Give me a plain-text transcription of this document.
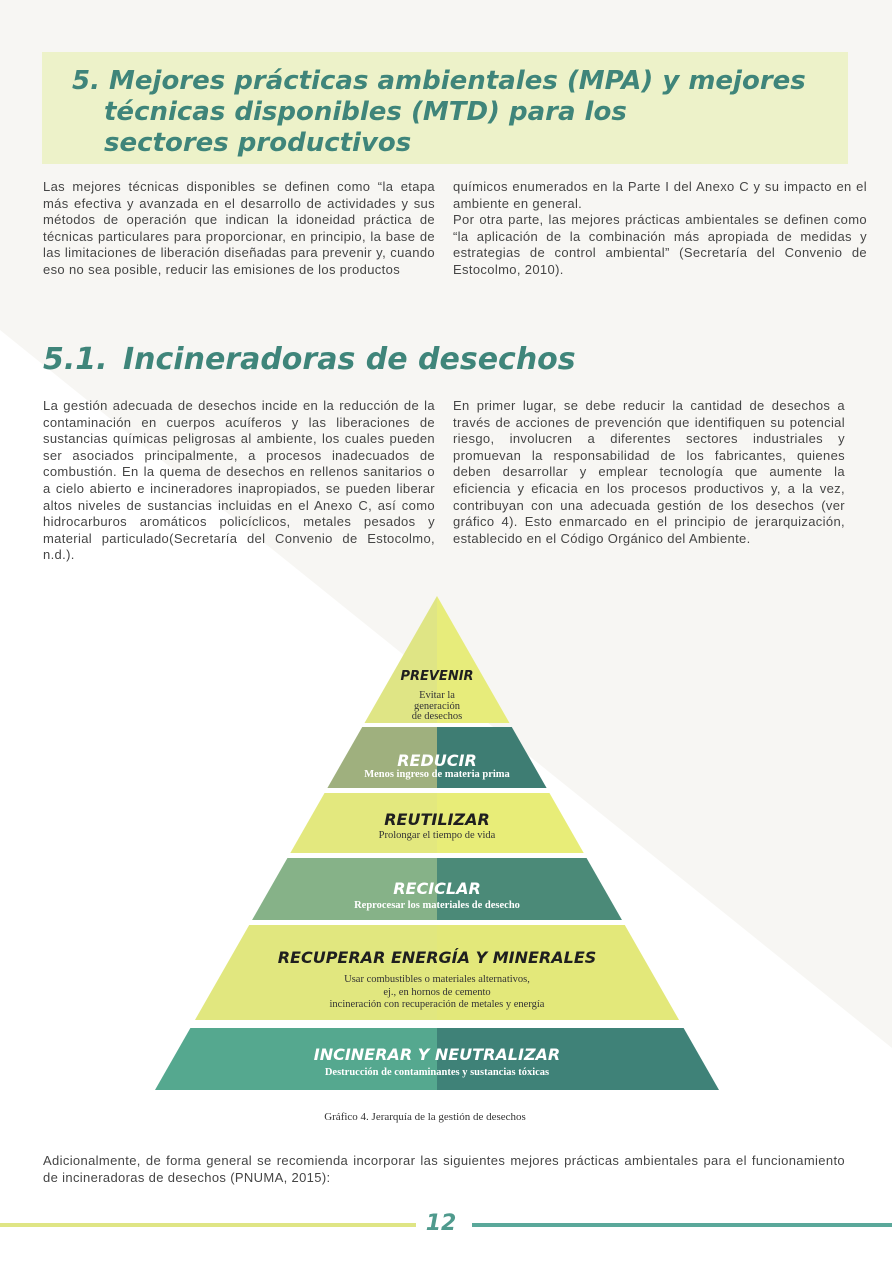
5. Mejores prácticas ambientales (MPA) y mejores
técnicas disponibles (MTD) para los
sectores productivos

Las mejores técnicas disponibles se definen como “la etapa más efectiva y avanzada en el desarrollo de actividades y sus métodos de operación que indican la idoneidad práctica de técnicas particulares para proporcionar, en principio, la base de las limitaciones de liberación diseñadas para prevenir y, cuando eso no sea posible, reducir las emisiones de los productos

químicos enumerados en la Parte I del Anexo C y su impacto en el ambiente en general.

Por otra parte, las mejores prácticas ambientales se definen como “la aplicación de la combinación más apropiada de medidas y estrategias de control ambiental” (Secretaría del Convenio de Estocolmo, 2010).

5.1. Incineradoras de desechos

La gestión adecuada de desechos incide en la reducción de la contaminación en cuerpos acuíferos y las liberaciones de sustancias químicas peligrosas al ambiente, los cuales pueden ser asociados principalmente, a procesos inadecuados de combustión. En la quema de desechos en rellenos sanitarios o a cielo abierto e incineradores inapropiados, se pueden liberar altos niveles de sustancias incluidas en el Anexo C, así como hidrocarburos aromáticos policíclicos, metales pesados y material particulado(Secretaría del Convenio de Estocolmo, n.d.).

En primer lugar, se debe reducir la cantidad de desechos a través de acciones de prevención que identifiquen su potencial riesgo, involucren a diferentes sectores industriales y promuevan la responsabilidad de los fabricantes, quienes deben desarrollar y emplear tecnología que aumente la eficiencia y eficacia en los procesos productivos y, a la vez, contribuyan con una adecuada gestión de los desechos (ver gráfico 4). Esto enmarcado en el principio de jerarquización, establecido en el Código Orgánico del Ambiente.

PREVENIR
Evitar la
generación
de desechos
REDUCIR
Menos ingreso de materia prima
REUTILIZAR
Prolongar el tiempo de vida
RECICLAR
Reprocesar los materiales de desecho
RECUPERAR ENERGÍA Y MINERALES
Usar combustibles o materiales alternativos,
ej., en hornos de cemento
incineración con recuperación de metales y energía
INCINERAR Y NEUTRALIZAR
Destrucción de contaminantes y sustancias tóxicas
Gráfico 4. Jerarquía de la gestión de desechos

Adicionalmente, de forma general se recomienda incorporar las siguientes mejores prácticas ambientales para el funcionamiento de incineradoras de desechos (PNUMA, 2015):

12
